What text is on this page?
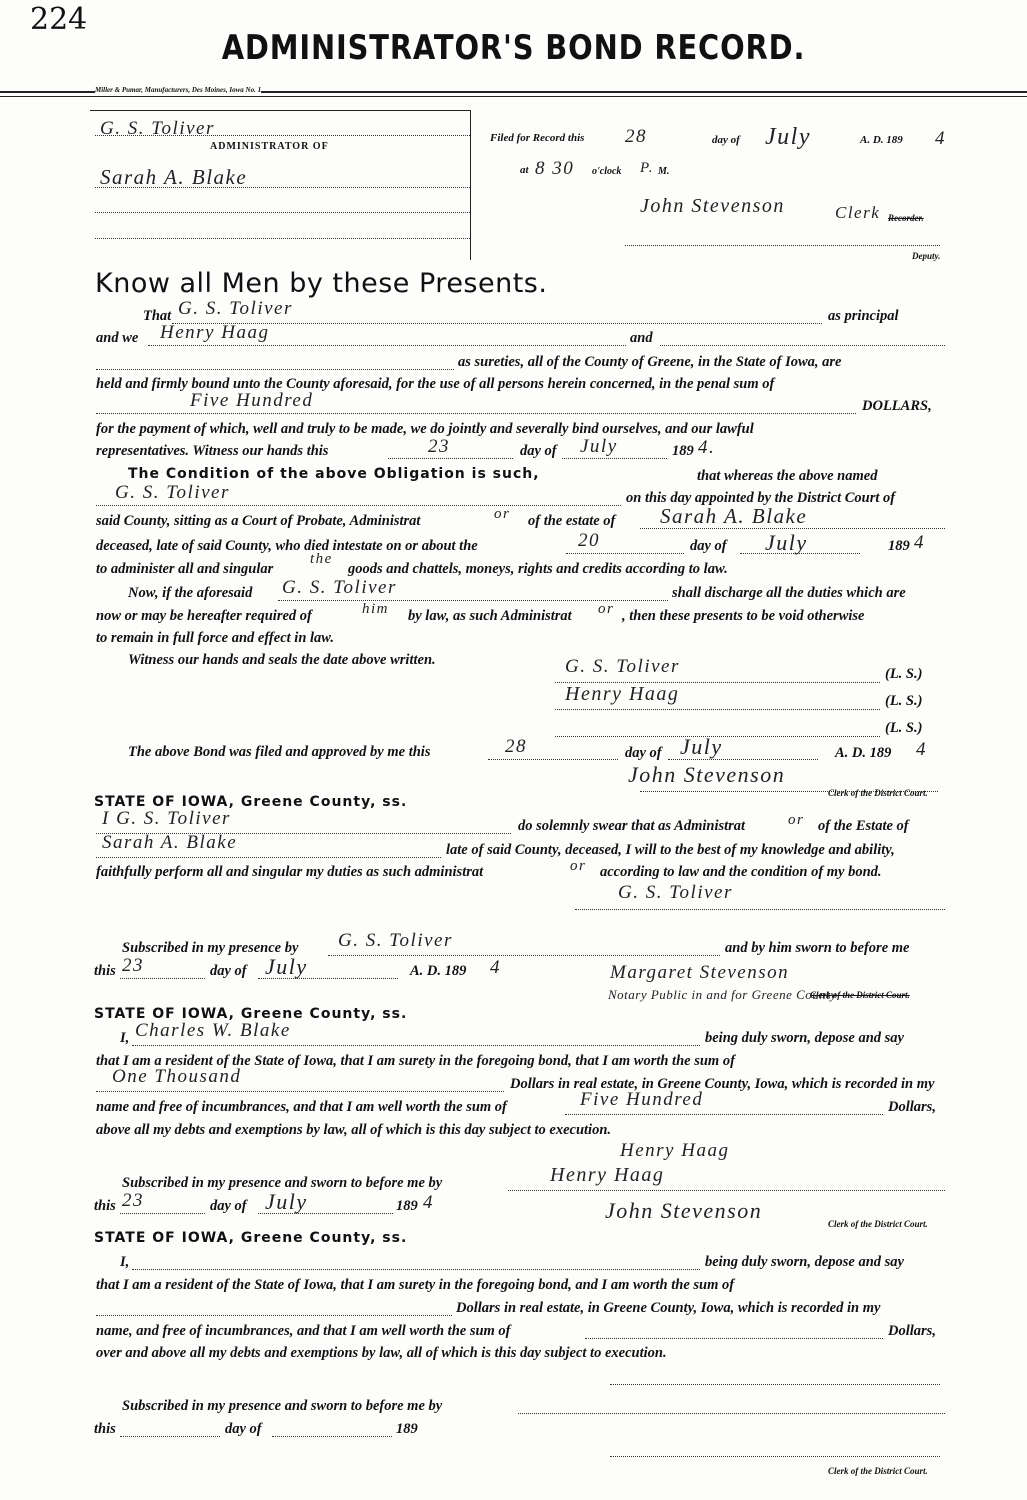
224
ADMINISTRATOR'S BOND RECORD.
Miller & Pumar, Manufacturers, Des Moines, Iowa No. 1
G. S. Toliver
ADMINISTRATOR OF
Sarah A. Blake
Filed for Record this 28	day of July	A. D. 189 4
at 8 30 o'clock P. M.
John Stevenson	Clerk Recorder.
Deputy.
Know all Men by these Presents.
That G. S. Toliver	as principal
and we Henry Haag	and
as sureties, all of the County of Greene, in the State of Iowa, are
held and firmly bound unto the County aforesaid, for the use of all persons herein concerned, in the penal sum of
Five Hundred	DOLLARS,
for the payment of which, well and truly to be made, we do jointly and severally bind ourselves, and our lawful
representatives. Witness our hands this	23	day of July	189 4.
The Condition of the above Obligation is such,	that whereas the above named
G. S. Toliver	on this day appointed by the District Court of
said County, sitting as a Court of Probate, Administrat	or of the estate of Sarah A. Blake
deceased, late of said County, who died intestate on or about the	20	day of July	189 4
to administer all and singular
the
goods and chattels, moneys, rights and credits according to law.
Now, if the aforesaid G. S. Toliver	shall discharge all the duties which are
now or may be hereafter required of	him by law, as such Administrat or , then these presents to be void otherwise
to remain in full force and effect in law.
Witness our hands and seals the date above written.	G. S. Toliver	(L. S.)
Henry Haag	(L. S.)
(L. S.)
The above Bond was filed and approved by me this	28	day of July	A. D. 189 4
John Stevenson
Clerk of the District Court.
STATE OF IOWA, Greene County, ss.
I G. S. Toliver	do solemnly swear that as Administrat	or of the Estate of
Sarah A. Blake	late of said County, deceased, I will to the best of my knowledge and ability,
faithfully perform all and singular my duties as such administrat	or according to law and the condition of my bond.
G. S. Toliver
Subscribed in my presence by G. S. Toliver	and by him sworn to before me
this 23	day of July	A. D. 189 4	Margaret Stevenson
Clerk of the District Court.
Notary Public in and for Greene County
STATE OF IOWA, Greene County, ss.
I, Charles W. Blake	being duly sworn, depose and say
that I am a resident of the State of Iowa, that I am surety in the foregoing bond, that I am worth the sum of
One Thousand	Dollars in real estate, in Greene County, Iowa, which is recorded in my
name and free of incumbrances, and that I am well worth the sum of	Five Hundred	Dollars,
above all my debts and exemptions by law, all of which is this day subject to execution.
Henry Haag
Subscribed in my presence and sworn to before me by	Henry Haag
this 23	day of July	189 4	John Stevenson
Clerk of the District Court.
STATE OF IOWA, Greene County, ss.
I,	being duly sworn, depose and say
that I am a resident of the State of Iowa, that I am surety in the foregoing bond, and I am worth the sum of
Dollars in real estate, in Greene County, Iowa, which is recorded in my
name, and free of incumbrances, and that I am well worth the sum of	Dollars,
over and above all my debts and exemptions by law, all of which is this day subject to execution.
Subscribed in my presence and sworn to before me by
this	day of	189
Clerk of the District Court.
